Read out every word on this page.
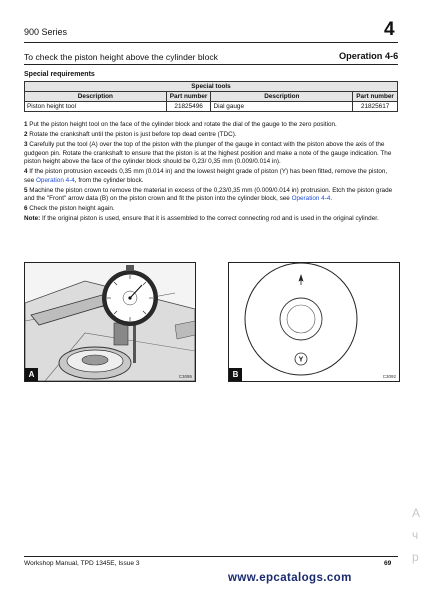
900 Series	4
To check the piston height above the cylinder block	Operation 4-6
Special requirements
Special tools			
Description	Part number	Description	Part number
Piston height tool	21825496	Dial gauge	21825617

1 Put the piston height tool on the face of the cylinder block and rotate the dial of the gauge to the zero position.

2 Rotate the crankshaft until the piston is just before top dead centre (TDC).

3 Carefully put the tool (A) over the top of the piston with the plunger of the gauge in contact with the piston above the axis of the gudgeon pin. Rotate the crankshaft to ensure that the piston is at the highest position and make a note of the gauge indication. The piston height above the face of the cylinder block should be 0,23/ 0,35 mm (0.009/0.014 in).

4 If the piston protrusion exceeds 0,35 mm (0.014 in) and the lowest height grade of piston (Y) has been fitted, remove the piston, see Operation 4-4, from the cylinder block.

5 Machine the piston crown to remove the material in excess of the 0,23/0,35 mm (0.009/0.014 in) protrusion. Etch the piston grade and the "Front" arrow data (B) on the piston crown and fit the piston into the cylinder block, see Operation 4-4.

6 Check the piston height again.

Note: If the original piston is used, ensure that it is assembled to the correct connecting rod and is used in the original cylinder.

A	C3095
Y
B	C3092
Workshop Manual, TPD 1345E, Issue 3	69
www.epcatalogs.com
A
ч
p
